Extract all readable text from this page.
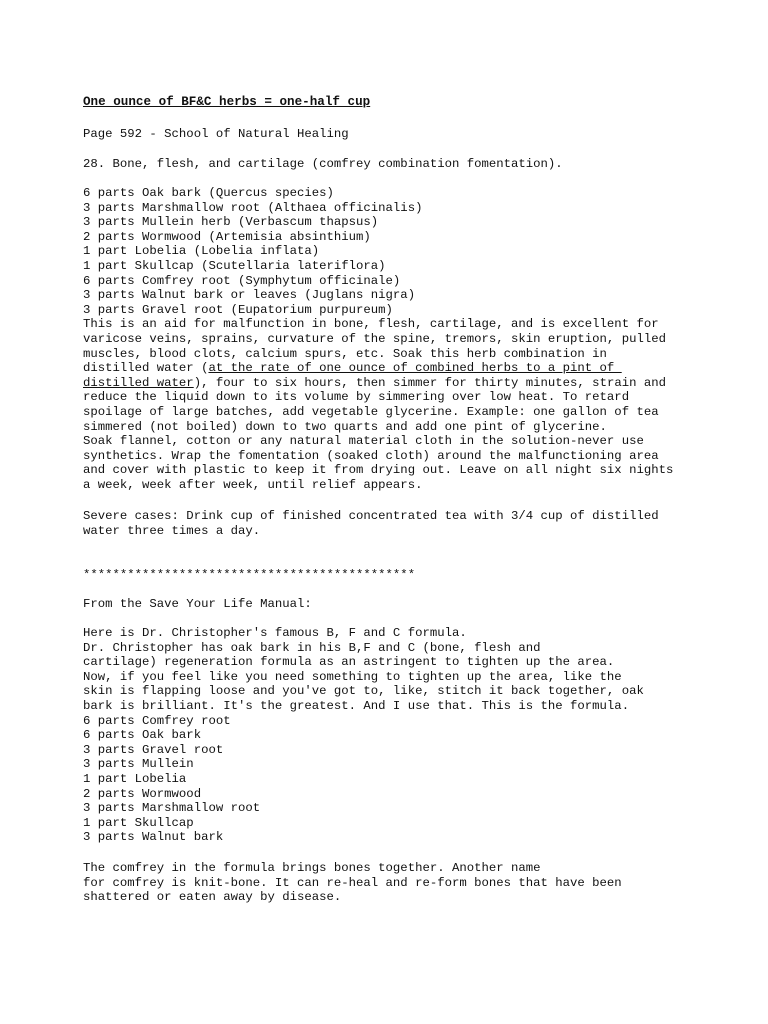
One ounce of BF&C herbs = one-half cup
Page 592 - School of Natural Healing
28. Bone, flesh, and cartilage (comfrey combination fomentation).
6 parts Oak bark (Quercus species)
3 parts Marshmallow root (Althaea officinalis)
3 parts Mullein herb (Verbascum thapsus)
2 parts Wormwood (Artemisia absinthium)
1 part Lobelia (Lobelia inflata)
1 part Skullcap (Scutellaria lateriflora)
6 parts Comfrey root (Symphytum officinale)
3 parts Walnut bark or leaves (Juglans nigra)
3 parts Gravel root (Eupatorium purpureum)
This is an aid for malfunction in bone, flesh, cartilage, and is excellent for
varicose veins, sprains, curvature of the spine, tremors, skin eruption, pulled
muscles, blood clots, calcium spurs, etc. Soak this herb combination in
distilled water (at the rate of one ounce of combined herbs to a pint of
distilled water), four to six hours, then simmer for thirty minutes, strain and
reduce the liquid down to its volume by simmering over low heat. To retard
spoilage of large batches, add vegetable glycerine. Example: one gallon of tea
simmered (not boiled) down to two quarts and add one pint of glycerine.
Soak flannel, cotton or any natural material cloth in the solution-never use
synthetics. Wrap the fomentation (soaked cloth) around the malfunctioning area
and cover with plastic to keep it from drying out. Leave on all night six nights
a week, week after week, until relief appears.
Severe cases: Drink cup of finished concentrated tea with 3/4 cup of distilled
water three times a day.
*********************************************
From the Save Your Life Manual:
Here is Dr. Christopher's famous B, F and C formula.
Dr. Christopher has oak bark in his B,F and C (bone, flesh and
cartilage) regeneration formula as an astringent to tighten up the area.
Now, if you feel like you need something to tighten up the area, like the
skin is flapping loose and you've got to, like, stitch it back together, oak
bark is brilliant. It's the greatest. And I use that. This is the formula.
6 parts Comfrey root
6 parts Oak bark
3 parts Gravel root
3 parts Mullein
1 part Lobelia
2 parts Wormwood
3 parts Marshmallow root
1 part Skullcap
3 parts Walnut bark
The comfrey in the formula brings bones together. Another name
for comfrey is knit-bone. It can re-heal and re-form bones that have been
shattered or eaten away by disease.
